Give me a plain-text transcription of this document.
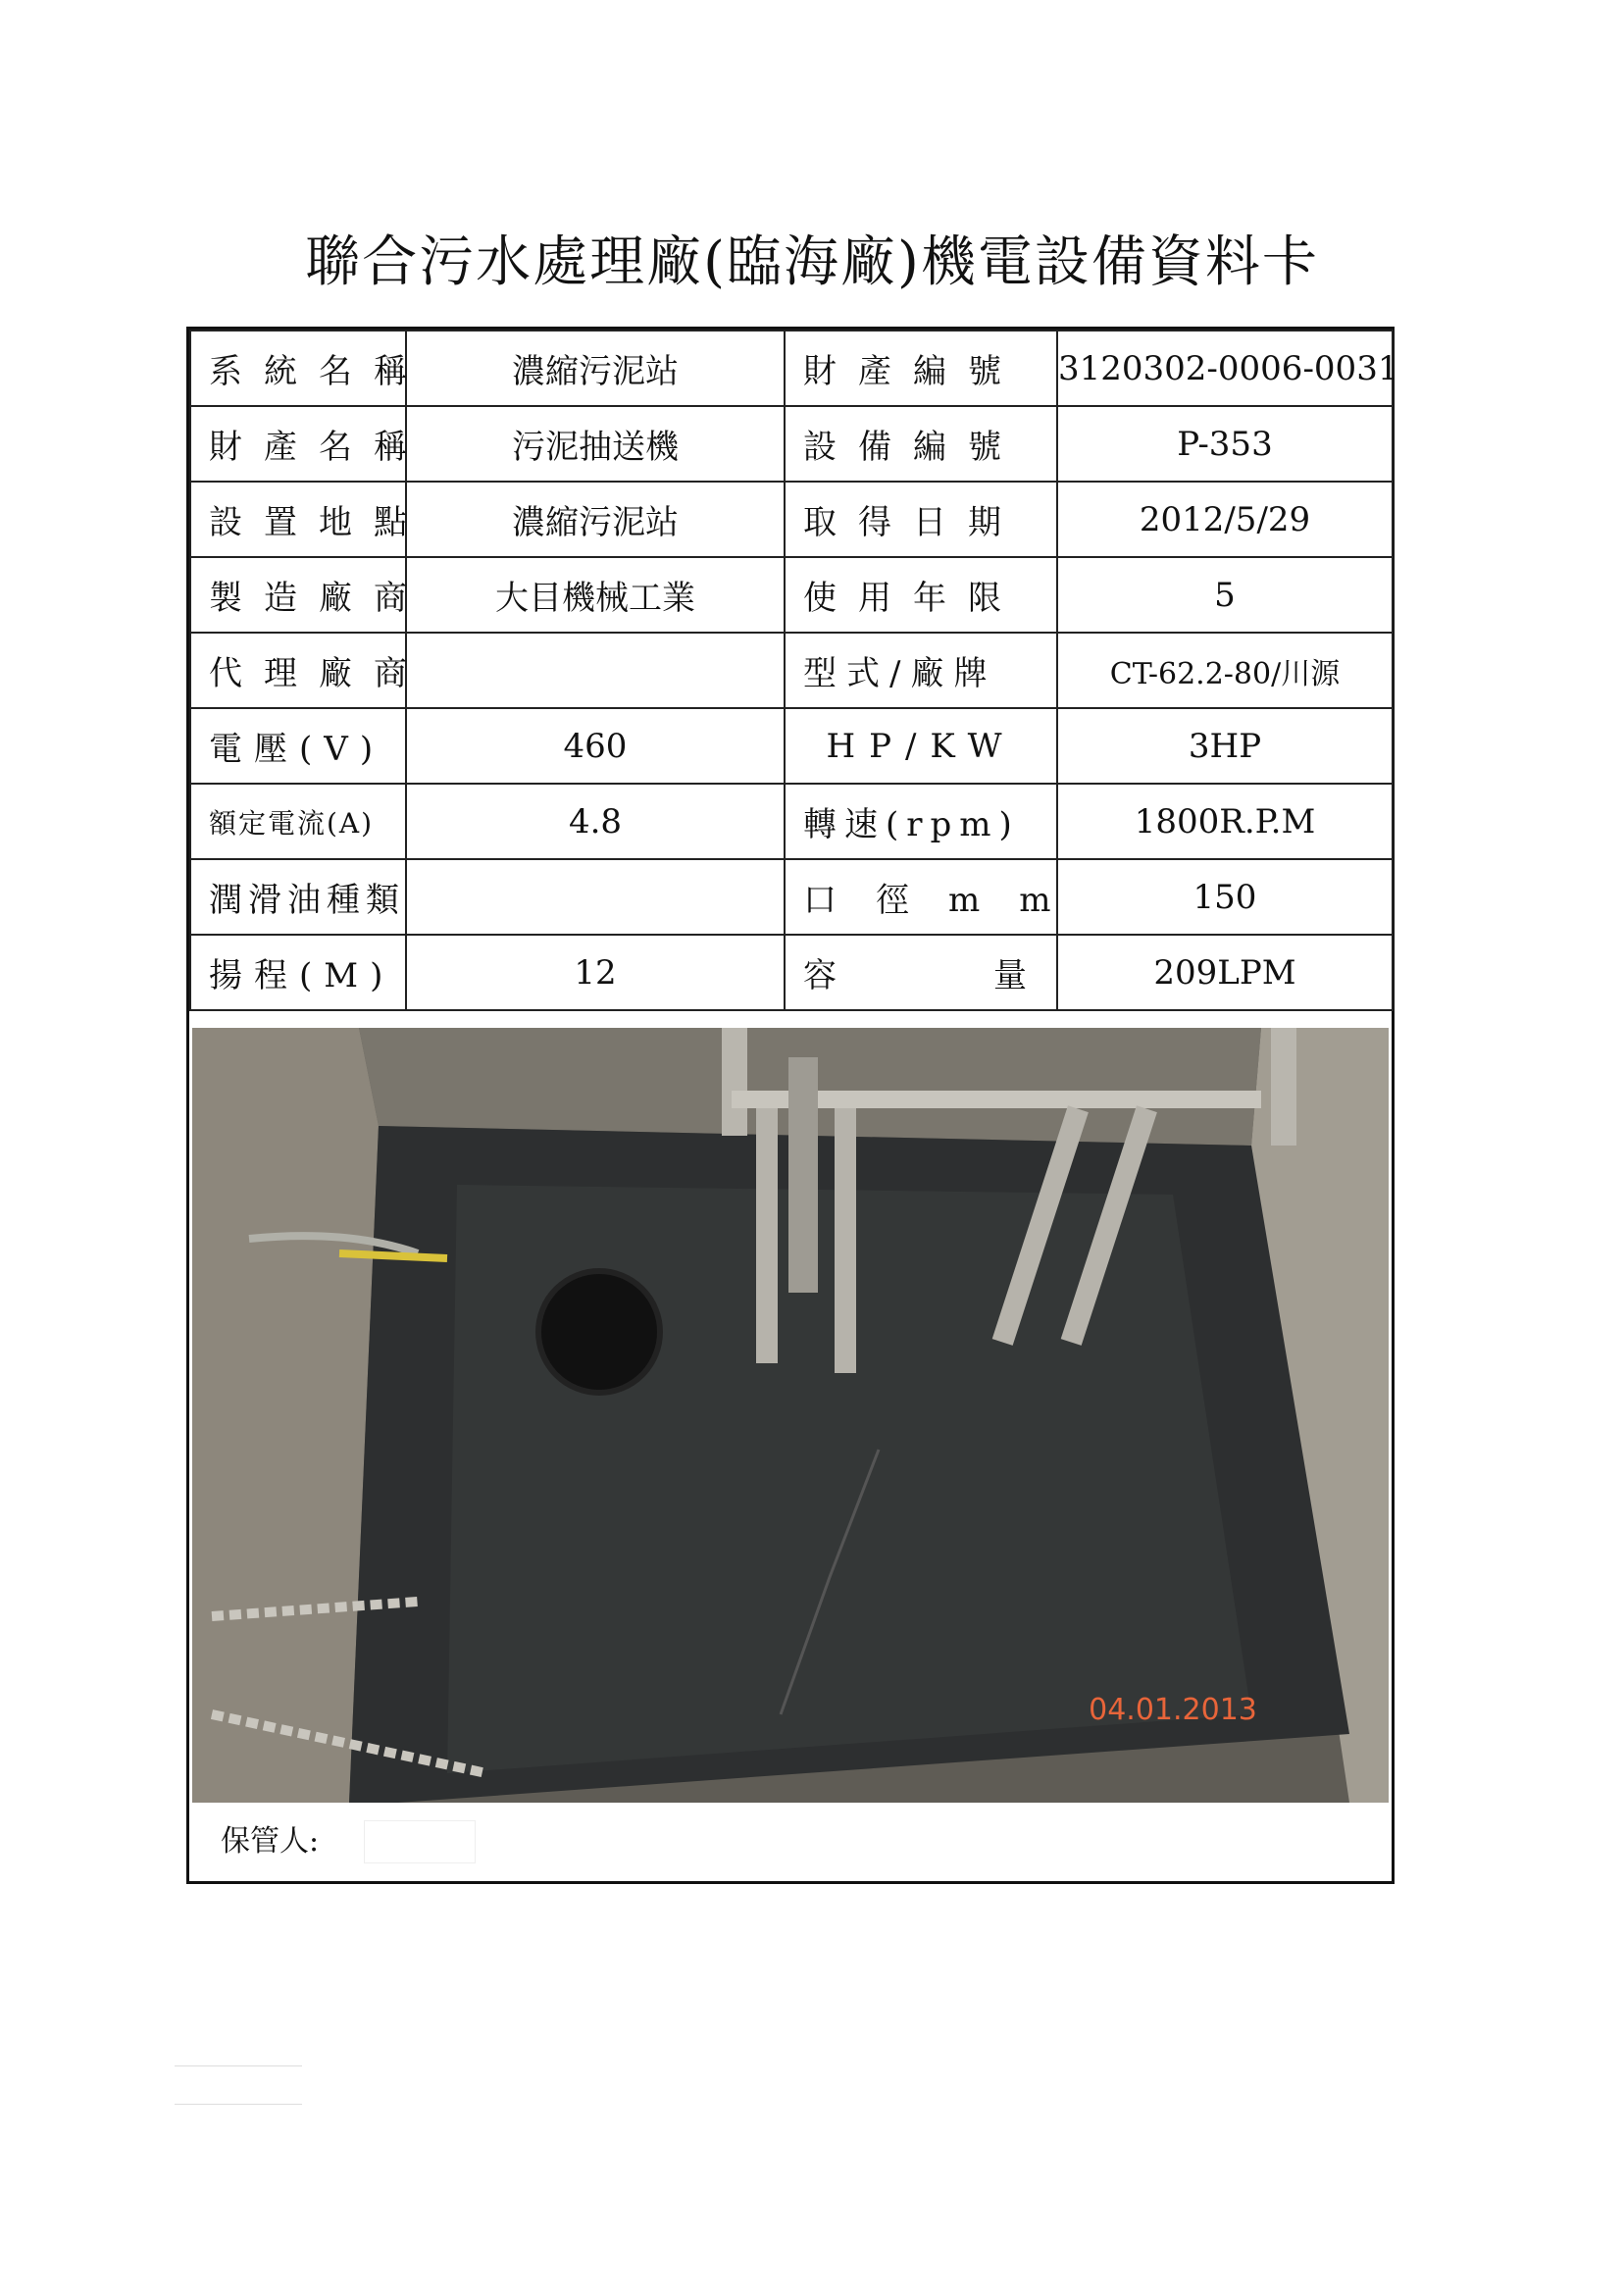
聯合污水處理廠(臨海廠)機電設備資料卡
系統名稱	濃縮污泥站	財產編號	3120302-0006-0031
財產名稱	污泥抽送機	設備編號	P-353
設置地點	濃縮污泥站	取得日期	2012/5/29
製造廠商	大目機械工業	使用年限	5
代理廠商		型式/廠牌	CT-62.2-80/川源
電壓(V)	460	HP/KW	3HP
額定電流(A)	4.8	轉速(rpm)	1800R.P.M
潤滑油種類		口徑mm	150
揚程(M)	12	容量	209LPM
04.01.2013
保管人:
